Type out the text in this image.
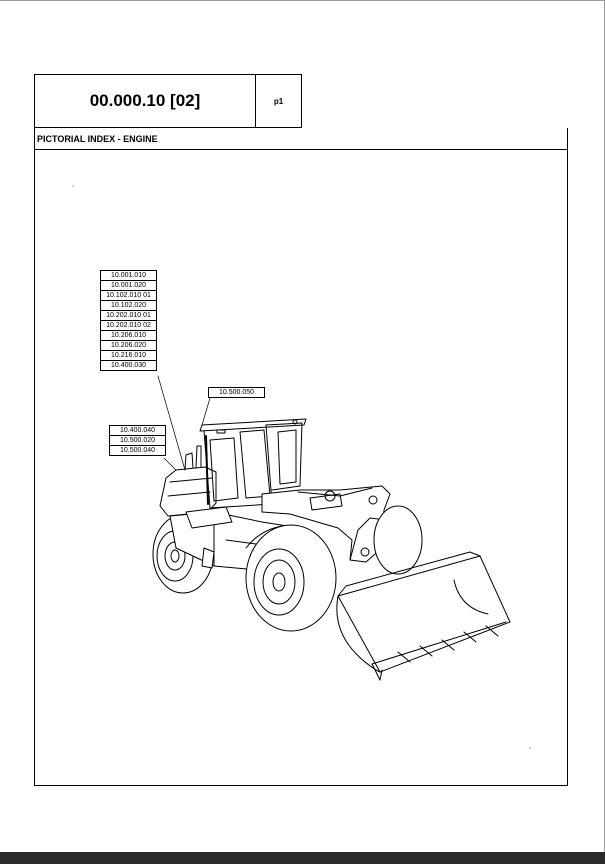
00.000.10 [02]	p1
PICTORIAL INDEX - ENGINE
10.001.010
10.001.020
10.102.010 01
10.102.020
10.202.010 01
10.202.010 02
10.206.010
10.206.020
10.216.010
10.400.030
10.500.050
10.400.040
10.500.020
10.500.040
